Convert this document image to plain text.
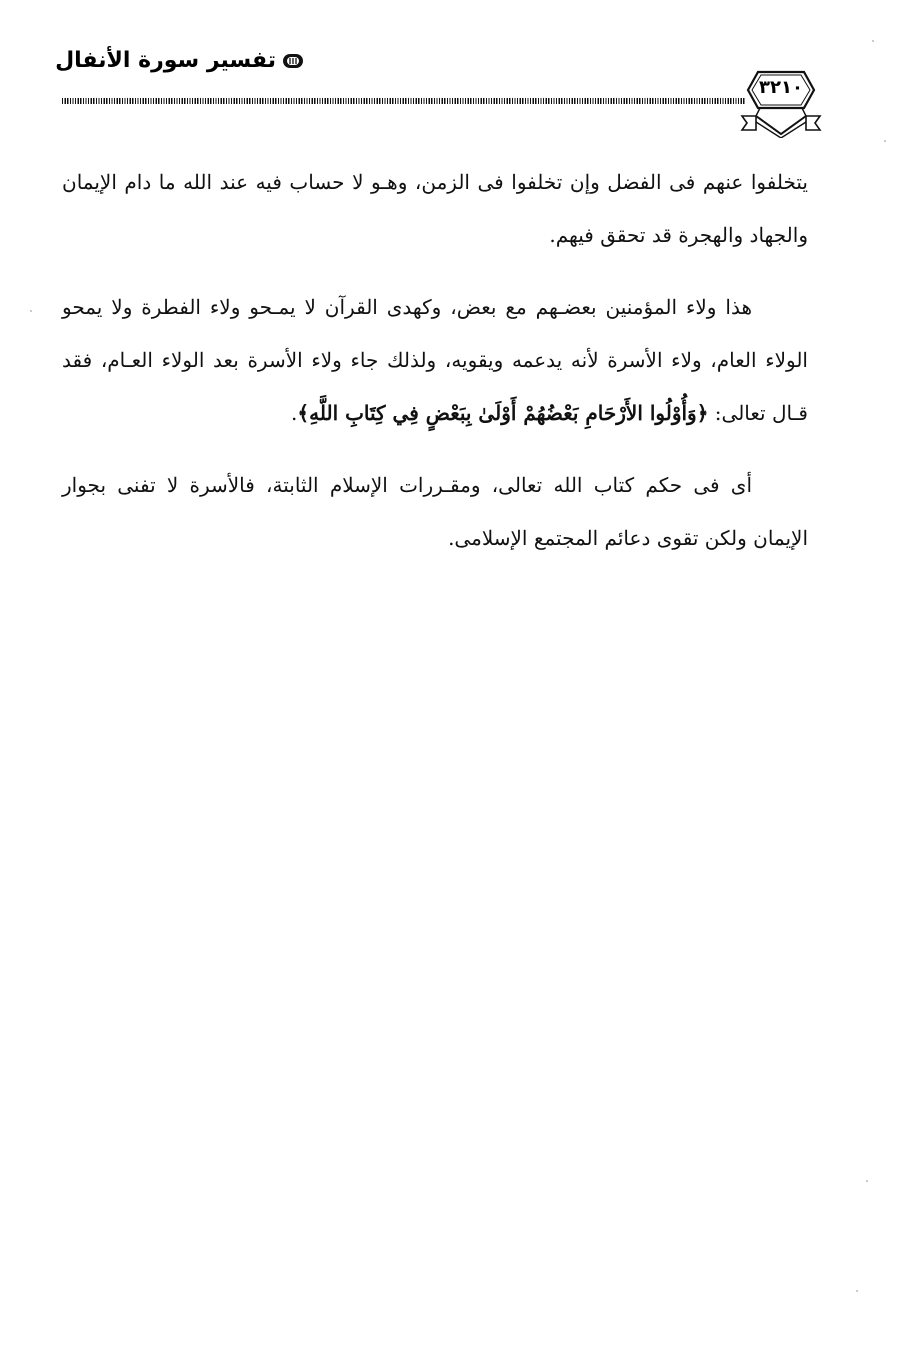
تفسير سورة الأنفال
٣٢١٠

يتخلفوا عنهم فى الفضل وإن تخلفوا فى الزمن، وهـو لا حساب فيه عند الله ما دام الإيمان والجهاد والهجرة قد تحقق فيهم.

هذا ولاء المؤمنين بعضـهم مع بعض، وكهدى القرآن لا يمـحو ولاء الفطرة ولا يمحو الولاء العام، ولاء الأسرة لأنه يدعمه ويقويه، ولذلك جاء ولاء الأسرة بعد الولاء العـام، فقد قـال تعالى: ﴿وَأُوْلُوا الأَرْحَامِ بَعْضُهُمْ أَوْلَىٰ بِبَعْضٍ فِي كِتَابِ اللَّهِ﴾.

أى فى حكم كتاب الله تعالى، ومقـررات الإسلام الثابتة، فالأسرة لا تفنى بجوار الإيمان ولكن تقوى دعائم المجتمع الإسلامى.
